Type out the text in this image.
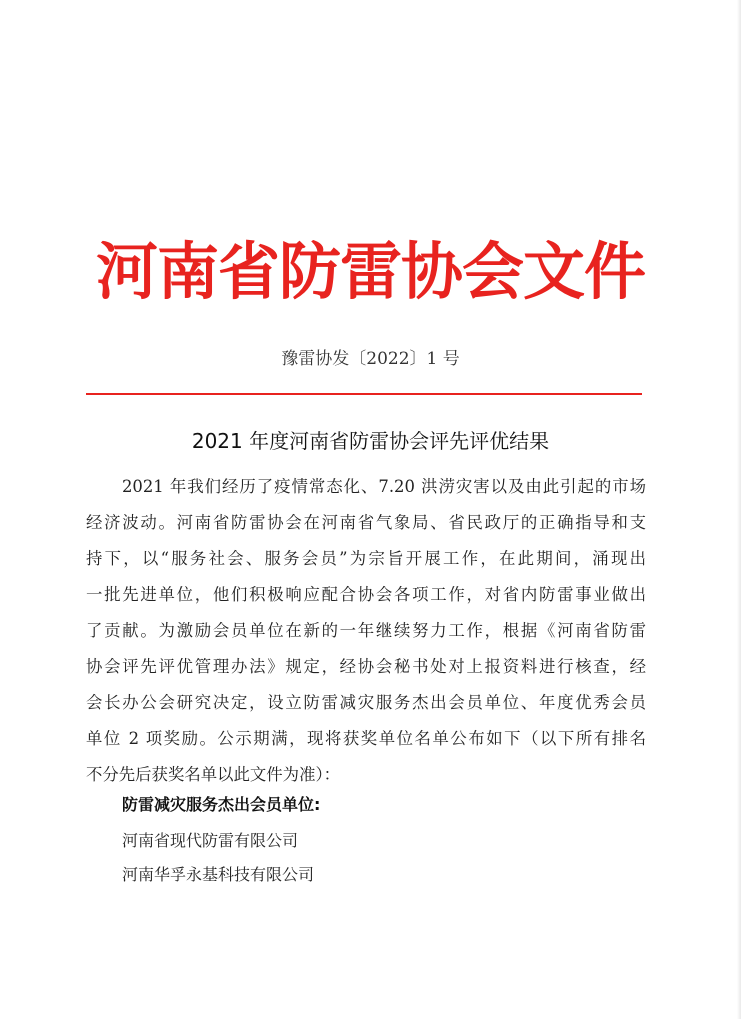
河南省防雷协会文件
豫雷协发〔2022〕1 号
2021 年度河南省防雷协会评先评优结果
2021 年我们经历了疫情常态化、7.20 洪涝灾害以及由此引起的市场
经济波动。河南省防雷协会在河南省气象局、省民政厅的正确指导和支
持下，以“服务社会、服务会员”为宗旨开展工作，在此期间，涌现出
一批先进单位，他们积极响应配合协会各项工作，对省内防雷事业做出
了贡献。为激励会员单位在新的一年继续努力工作，根据《河南省防雷
协会评先评优管理办法》规定，经协会秘书处对上报资料进行核查，经
会长办公会研究决定，设立防雷减灾服务杰出会员单位、年度优秀会员
单位 2 项奖励。公示期满，现将获奖单位名单公布如下（以下所有排名
不分先后获奖名单以此文件为准）：
防雷减灾服务杰出会员单位:
河南省现代防雷有限公司
河南华孚永基科技有限公司
